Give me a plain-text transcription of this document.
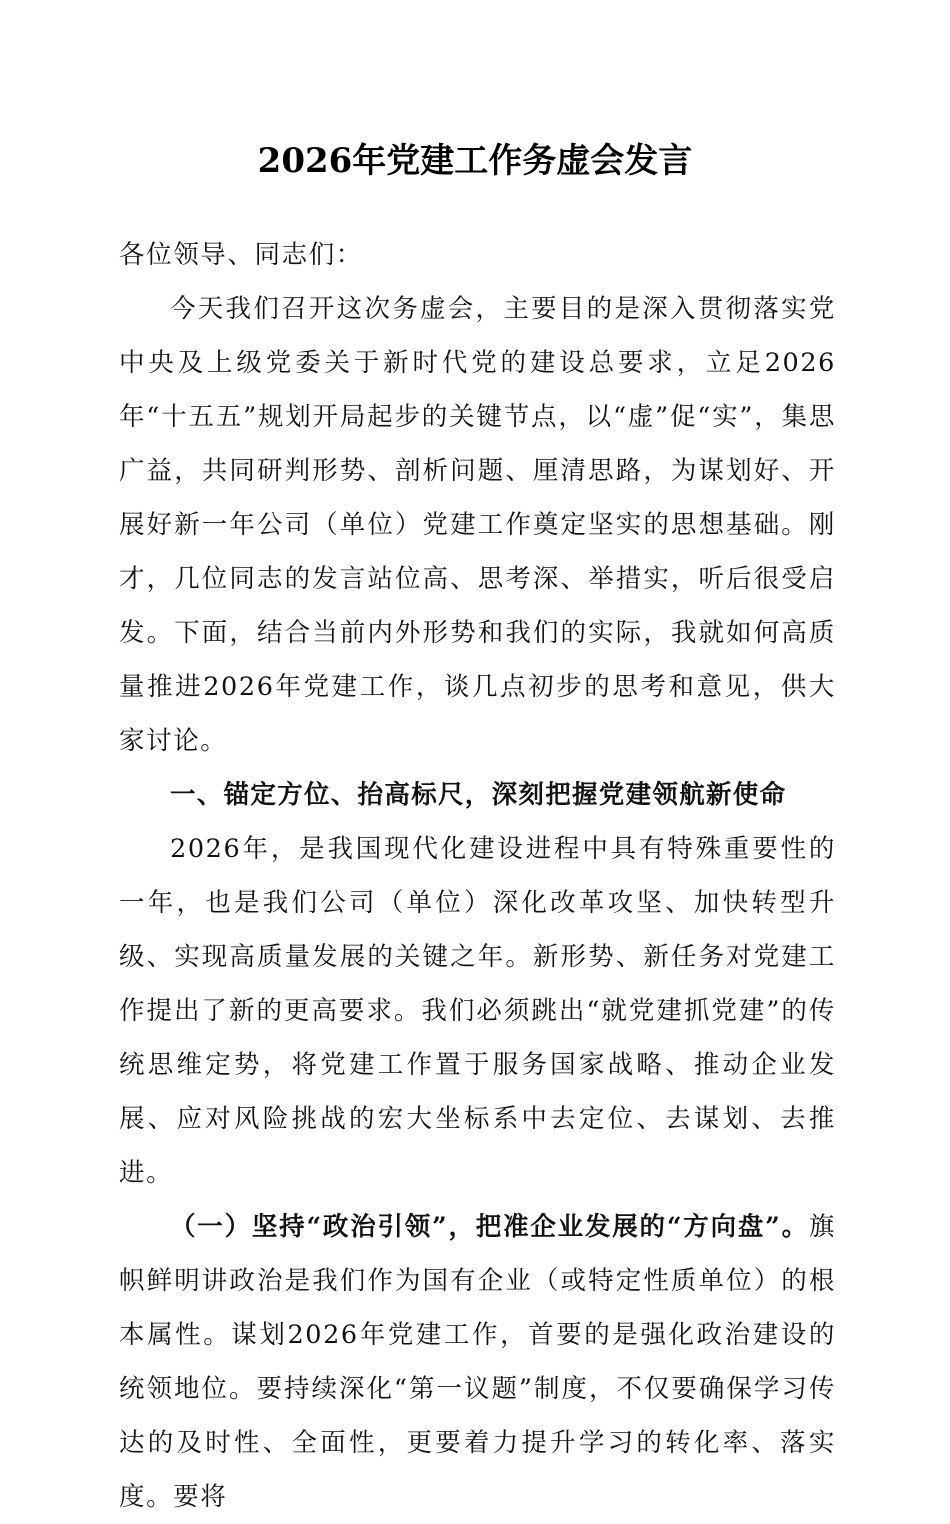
2026年党建工作务虚会发言

各位领导、同志们：

今天我们召开这次务虚会，主要目的是深入贯彻落实党中央及上级党委关于新时代党的建设总要求，立足2026年“十五五”规划开局起步的关键节点，以“虚”促“实”，集思广益，共同研判形势、剖析问题、厘清思路，为谋划好、开展好新一年公司（单位）党建工作奠定坚实的思想基础。刚才，几位同志的发言站位高、思考深、举措实，听后很受启发。下面，结合当前内外形势和我们的实际，我就如何高质量推进2026年党建工作，谈几点初步的思考和意见，供大家讨论。

一、锚定方位、抬高标尺，深刻把握党建领航新使命

2026年，是我国现代化建设进程中具有特殊重要性的一年，也是我们公司（单位）深化改革攻坚、加快转型升级、实现高质量发展的关键之年。新形势、新任务对党建工作提出了新的更高要求。我们必须跳出“就党建抓党建”的传统思维定势，将党建工作置于服务国家战略、推动企业发展、应对风险挑战的宏大坐标系中去定位、去谋划、去推进。

（一）坚持“政治引领”，把准企业发展的“方向盘”。旗帜鲜明讲政治是我们作为国有企业（或特定性质单位）的根本属性。谋划2026年党建工作，首要的是强化政治建设的统领地位。要持续深化“第一议题”制度，不仅要确保学习传达的及时性、全面性，更要着力提升学习的转化率、落实度。要将
